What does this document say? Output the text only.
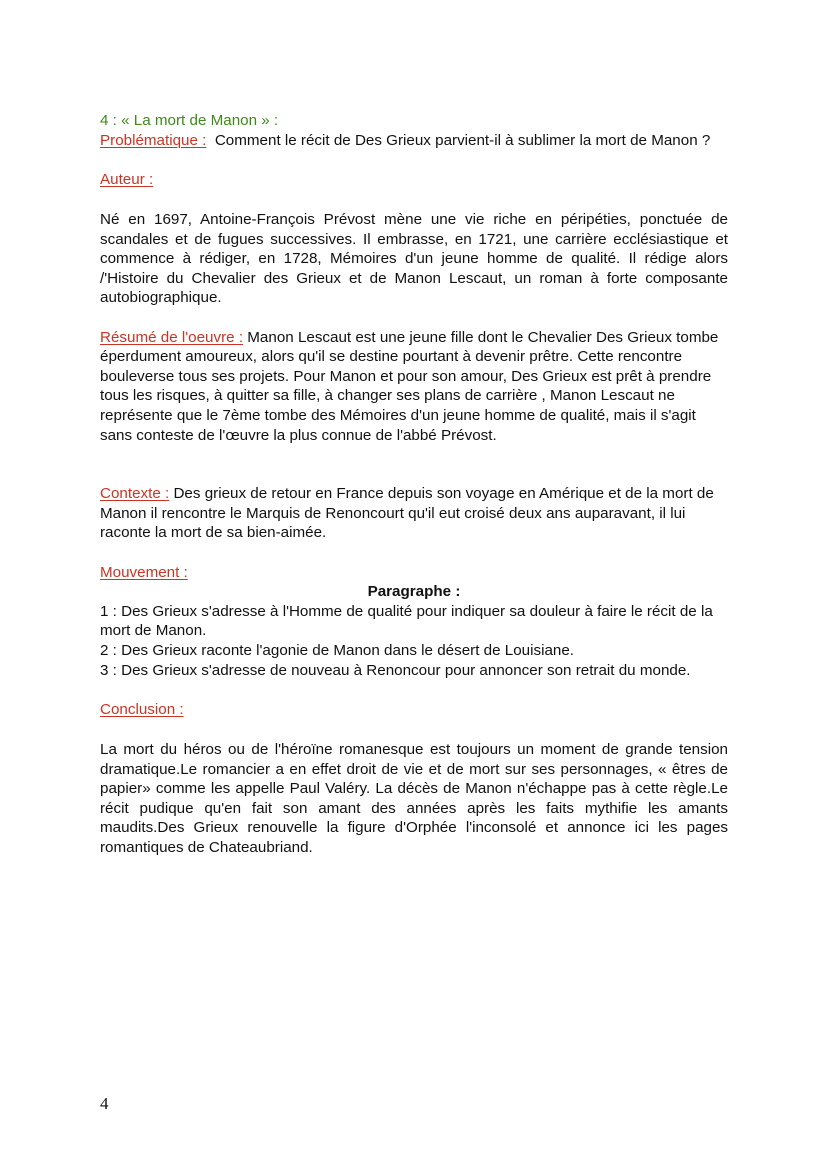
4 : « La mort de Manon » :

Problématique : Comment le récit de Des Grieux parvient-il à sublimer la mort de Manon ?

Auteur :

Né en 1697, Antoine-François Prévost mène une vie riche en péripéties, ponctuée de scandales et de fugues successives. Il embrasse, en 1721, une carrière ecclésiastique et commence à rédiger, en 1728, Mémoires d'un jeune homme de qualité. Il rédige alors /'Histoire du Chevalier des Grieux et de Manon Lescaut, un roman à forte composante autobiographique.

Résumé de l'oeuvre : Manon Lescaut est une jeune fille dont le Chevalier Des Grieux tombe éperdument amoureux, alors qu'il se destine pourtant à devenir prêtre. Cette rencontre bouleverse tous ses projets. Pour Manon et pour son amour, Des Grieux est prêt à prendre tous les risques, à quitter sa fille, à changer ses plans de carrière , Manon Lescaut ne représente que le 7ème tombe des Mémoires d'un jeune homme de qualité, mais il s'agit sans conteste de l'œuvre la plus connue de l'abbé Prévost.

Contexte : Des grieux de retour en France depuis son voyage en Amérique et de la mort de Manon il rencontre le Marquis de Renoncourt qu'il eut croisé deux ans auparavant, il lui raconte la mort de sa bien-aimée.

Mouvement :

Paragraphe :

1 : Des Grieux s'adresse à l'Homme de qualité pour indiquer sa douleur à faire le récit de la mort de Manon.

2 : Des Grieux raconte l'agonie de Manon dans le désert de Louisiane.

3 : Des Grieux s'adresse de nouveau à Renoncour pour annoncer son retrait du monde.

Conclusion :

La mort du héros ou de l'héroïne romanesque est toujours un moment de grande tension dramatique.Le romancier a en effet droit de vie et de mort sur ses personnages, « êtres de papier» comme les appelle Paul Valéry. La décès de Manon n'échappe pas à cette règle.Le récit pudique qu'en fait son amant des années après les faits mythifie les amants maudits.Des Grieux renouvelle la figure d'Orphée l'inconsolé et annonce ici les pages romantiques de Chateaubriand.

4
